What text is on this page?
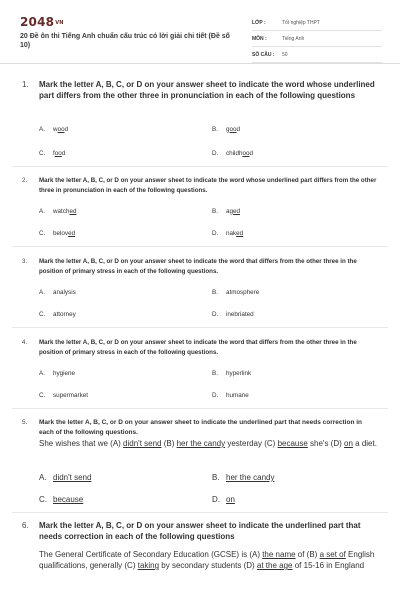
$2048^{VN}$
20 Đề ôn thi Tiếng Anh chuẩn cấu trúc có lời giải chi tiết (Đề số 10)
LỚP :	Tốt nghiệp THPT
MÔN :	Tiếng Anh
SỐ CÂU :	50
1. Mark the letter A, B, C, or D on your answer sheet to indicate the word whose underlined part differs from the other three in pronunciation in each of the following questions
A. wood	B. good
C. food	D. childhood
2. Mark the letter A, B, C, or D on your answer sheet to indicate the word whose underlined part differs from the other three in pronunciation in each of the following questions.
A. watched	B. aged
C. beloved	D. naked
3. Mark the letter A, B, C, or D on your answer sheet to indicate the word that differs from the other three in the position of primary stress in each of the following questions.
A. analysis	B. atmosphere
C. attorney	D. inebriated
4. Mark the letter A, B, C, or D on your answer sheet to indicate the word that differs from the other three in the position of primary stress in each of the following questions.
A. hygiene	B. hyperlink
C. supermarket	D. humane
5. Mark the letter A, B, C, or D on your answer sheet to indicate the underlined part that needs correction in each of the following questions.
She wishes that we (A) didn't send (B) her the candy yesterday (C) because she's (D) on a diet.
A. didn't send	B. her the candy
C. because	D. on
6. Mark the letter A, B, C, or D on your answer sheet to indicate the underlined part that needs correction in each of the following questions
The General Certificate of Secondary Education (GCSE) is (A) the name of (B) a set of English qualifications, generally (C) taking by secondary students (D) at the age of 15-16 in England
